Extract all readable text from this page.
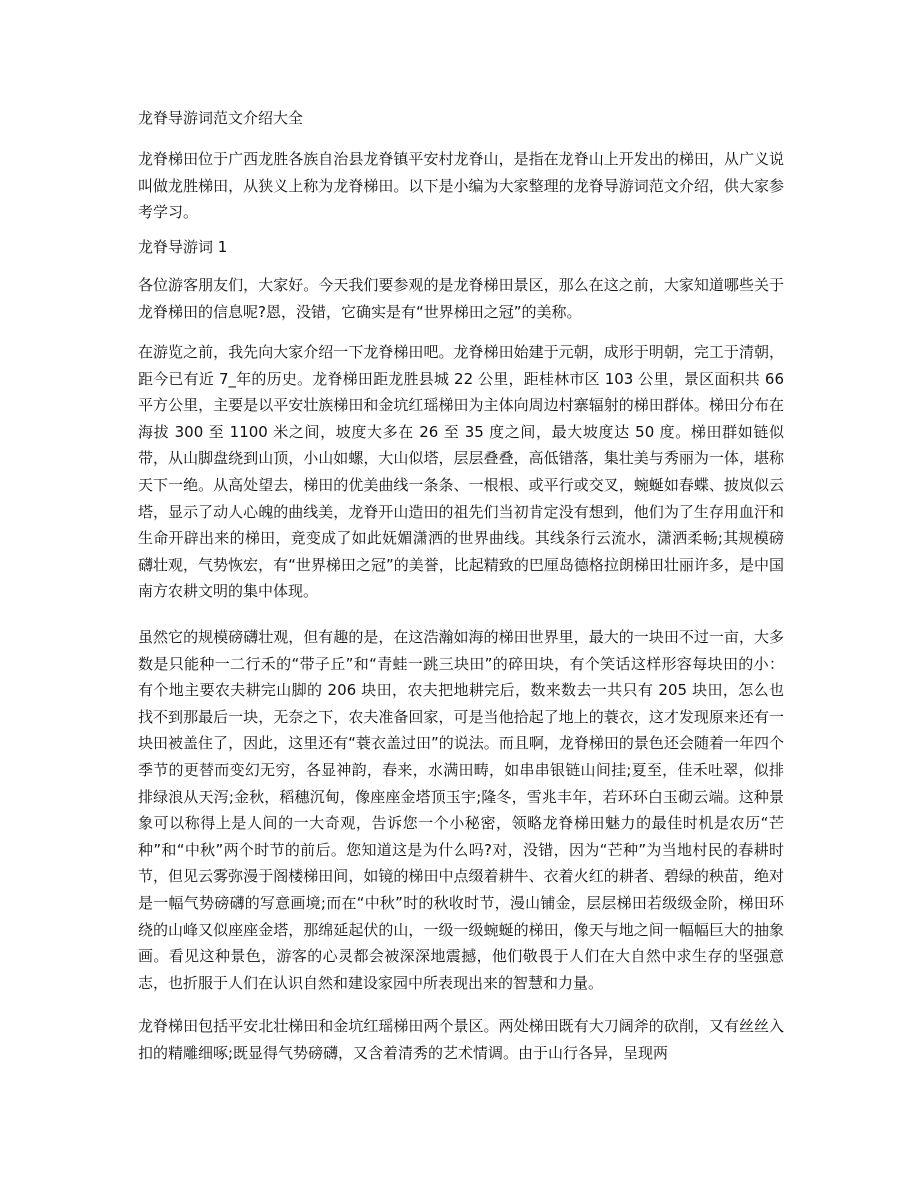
龙脊导游词范文介绍大全

龙脊梯田位于广西龙胜各族自治县龙脊镇平安村龙脊山，是指在龙脊山上开发出的梯田，从广义说叫做龙胜梯田，从狭义上称为龙脊梯田。以下是小编为大家整理的龙脊导游词范文介绍，供大家参考学习。

龙脊导游词 1

各位游客朋友们，大家好。今天我们要参观的是龙脊梯田景区，那么在这之前，大家知道哪些关于龙脊梯田的信息呢?恩，没错，它确实是有“世界梯田之冠”的美称。

在游览之前，我先向大家介绍一下龙脊梯田吧。龙脊梯田始建于元朝，成形于明朝，完工于清朝，距今已有近 7_年的历史。龙脊梯田距龙胜县城 22 公里，距桂林市区 103 公里，景区面积共 66 平方公里，主要是以平安壮族梯田和金坑红瑶梯田为主体向周边村寨辐射的梯田群体。梯田分布在海拔 300 至 1100 米之间，坡度大多在 26 至 35 度之间，最大坡度达 50 度。梯田群如链似带，从山脚盘绕到山顶，小山如螺，大山似塔，层层叠叠，高低错落，集壮美与秀丽为一体，堪称天下一绝。从高处望去，梯田的优美曲线一条条、一根根、或平行或交叉，蜿蜒如春蝶、披岚似云塔，显示了动人心魄的曲线美，龙脊开山造田的祖先们当初肯定没有想到，他们为了生存用血汗和生命开辟出来的梯田，竟变成了如此妩媚潇洒的世界曲线。其线条行云流水，潇洒柔畅;其规模磅礴壮观，气势恢宏，有“世界梯田之冠”的美誉，比起精致的巴厘岛德格拉朗梯田壮丽许多，是中国南方农耕文明的集中体现。

虽然它的规模磅礴壮观，但有趣的是，在这浩瀚如海的梯田世界里，最大的一块田不过一亩，大多数是只能种一二行禾的“带子丘”和“青蛙一跳三块田”的碎田块，有个笑话这样形容每块田的小：有个地主要农夫耕完山脚的 206 块田，农夫把地耕完后，数来数去一共只有 205 块田，怎么也找不到那最后一块，无奈之下，农夫准备回家，可是当他拾起了地上的蓑衣，这才发现原来还有一块田被盖住了，因此，这里还有“蓑衣盖过田”的说法。而且啊，龙脊梯田的景色还会随着一年四个季节的更替而变幻无穷，各显神韵，春来，水满田畴，如串串银链山间挂;夏至，佳禾吐翠，似排排绿浪从天泻;金秋，稻穗沉甸，像座座金塔顶玉宇;隆冬，雪兆丰年，若环环白玉砌云端。这种景象可以称得上是人间的一大奇观，告诉您一个小秘密，领略龙脊梯田魅力的最佳时机是农历“芒种”和“中秋”两个时节的前后。您知道这是为什么吗?对，没错，因为“芒种”为当地村民的春耕时节，但见云雾弥漫于阁楼梯田间，如镜的梯田中点缀着耕牛、衣着火红的耕者、碧绿的秧苗，绝对是一幅气势磅礴的写意画境;而在“中秋”时的秋收时节，漫山铺金，层层梯田若级级金阶，梯田环绕的山峰又似座座金塔，那绵延起伏的山，一级一级蜿蜒的梯田，像天与地之间一幅幅巨大的抽象画。看见这种景色，游客的心灵都会被深深地震撼，他们敬畏于人们在大自然中求生存的坚强意志，也折服于人们在认识自然和建设家园中所表现出来的智慧和力量。

龙脊梯田包括平安北壮梯田和金坑红瑶梯田两个景区。两处梯田既有大刀阔斧的砍削，又有丝丝入扣的精雕细啄;既显得气势磅礴，又含着清秀的艺术情调。由于山行各异，呈现两
